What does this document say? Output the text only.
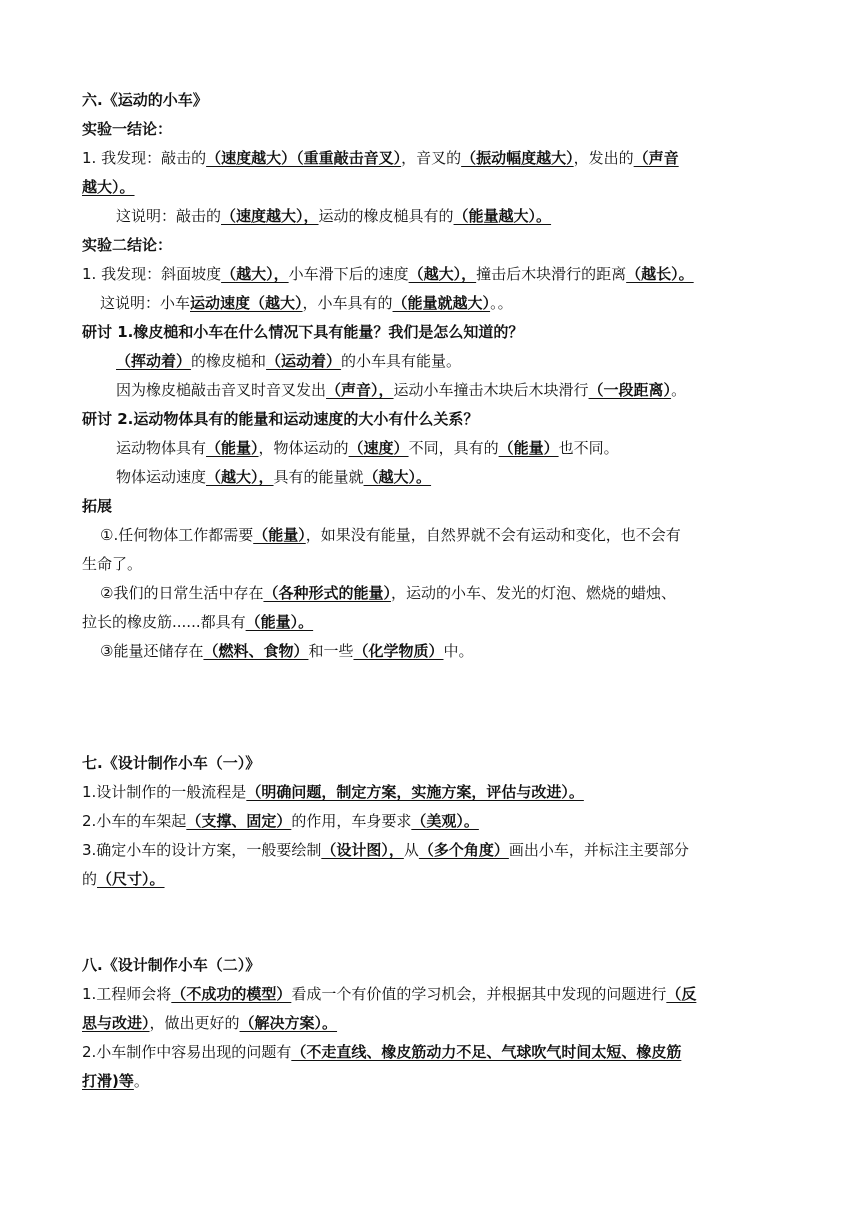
六.《运动的小车》
实验一结论：
1. 我发现：敲击的（速度越大）（重重敲击音叉），音叉的（振动幅度越大），发出的（声音
越大）。
这说明：敲击的（速度越大），运动的橡皮槌具有的（能量越大）。
实验二结论：
1. 我发现：斜面坡度（越大），小车滑下后的速度（越大），撞击后木块滑行的距离（越长）。
这说明：小车运动速度（越大），小车具有的（能量就越大）。。
研讨 1.橡皮槌和小车在什么情况下具有能量？我们是怎么知道的？
（挥动着）的橡皮槌和（运动着）的小车具有能量。
因为橡皮槌敲击音叉时音叉发出（声音），运动小车撞击木块后木块滑行（一段距离）。
研讨 2.运动物体具有的能量和运动速度的大小有什么关系？
运动物体具有（能量），物体运动的（速度）不同，具有的（能量）也不同。
物体运动速度（越大），具有的能量就（越大）。
拓展
①.任何物体工作都需要（能量），如果没有能量，自然界就不会有运动和变化，也不会有
生命了。
②我们的日常生活中存在（各种形式的能量），运动的小车、发光的灯泡、燃烧的蜡烛、
拉长的橡皮筋......都具有（能量）。
③能量还储存在（燃料、食物）和一些（化学物质）中。
七.《设计制作小车（一）》
1.设计制作的一般流程是（明确问题，制定方案，实施方案，评估与改进）。
2.小车的车架起（支撑、固定）的作用，车身要求（美观）。
3.确定小车的设计方案，一般要绘制（设计图），从（多个角度）画出小车，并标注主要部分
的（尺寸）。
八.《设计制作小车（二）》
1.工程师会将（不成功的模型）看成一个有价值的学习机会，并根据其中发现的问题进行（反
思与改进），做出更好的（解决方案）。
2.小车制作中容易出现的问题有（不走直线、橡皮筋动力不足、气球吹气时间太短、橡皮筋
打滑)等。
